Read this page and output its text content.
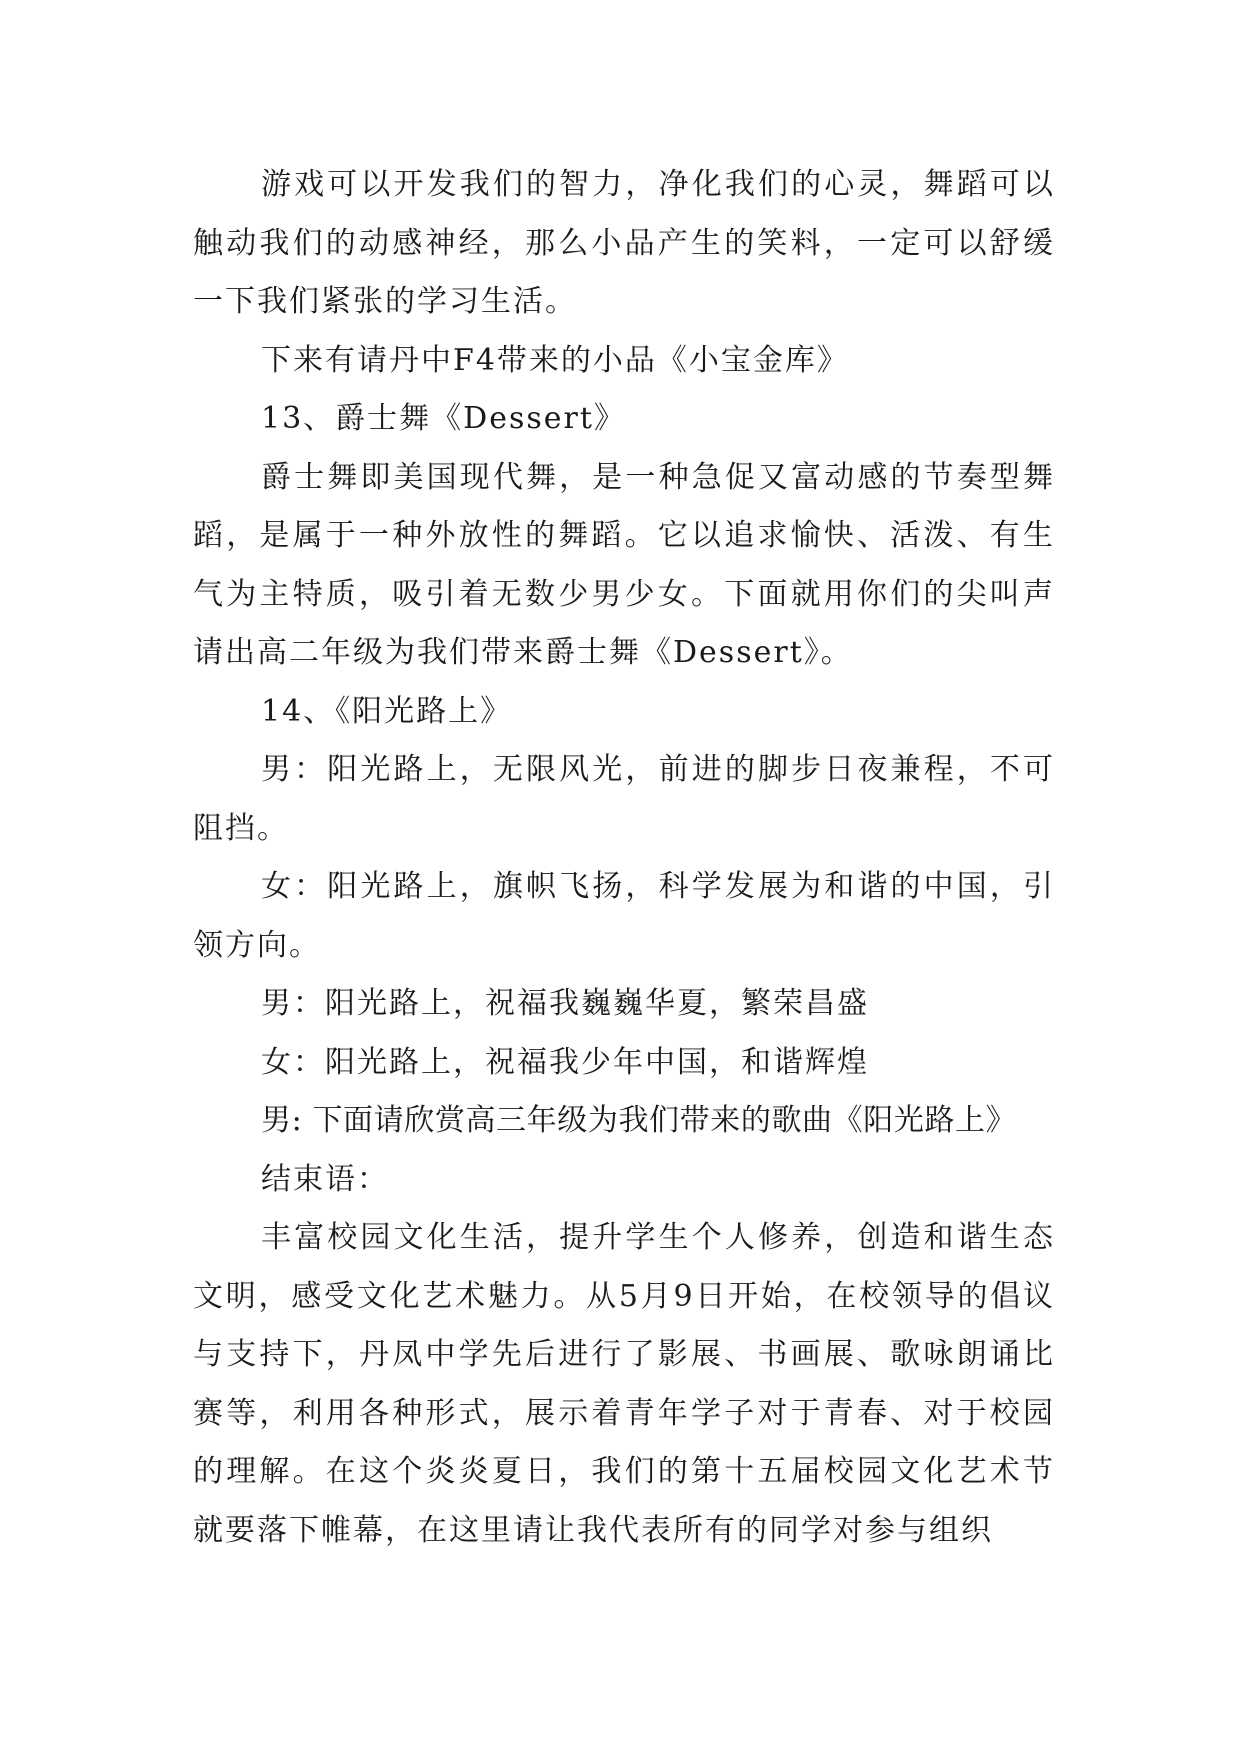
游戏可以开发我们的智力，净化我们的心灵，舞蹈可以触动我们的动感神经，那么小品产生的笑料，一定可以舒缓一下我们紧张的学习生活。

下来有请丹中F4带来的小品《小宝金库》

13、爵士舞《Dessert》

爵士舞即美国现代舞，是一种急促又富动感的节奏型舞蹈，是属于一种外放性的舞蹈。它以追求愉快、活泼、有生气为主特质，吸引着无数少男少女。下面就用你们的尖叫声请出高二年级为我们带来爵士舞《Dessert》。

14、《阳光路上》

男：阳光路上，无限风光，前进的脚步日夜兼程，不可阻挡。

女：阳光路上，旗帜飞扬，科学发展为和谐的中国，引领方向。

男：阳光路上，祝福我巍巍华夏，繁荣昌盛

女：阳光路上，祝福我少年中国，和谐辉煌

男: 下面请欣赏高三年级为我们带来的歌曲《阳光路上》

结束语：

丰富校园文化生活，提升学生个人修养，创造和谐生态文明，感受文化艺术魅力。从5月9日开始，在校领导的倡议与支持下，丹凤中学先后进行了影展、书画展、歌咏朗诵比赛等，利用各种形式，展示着青年学子对于青春、对于校园的理解。在这个炎炎夏日，我们的第十五届校园文化艺术节就要落下帷幕，在这里请让我代表所有的同学对参与组织
